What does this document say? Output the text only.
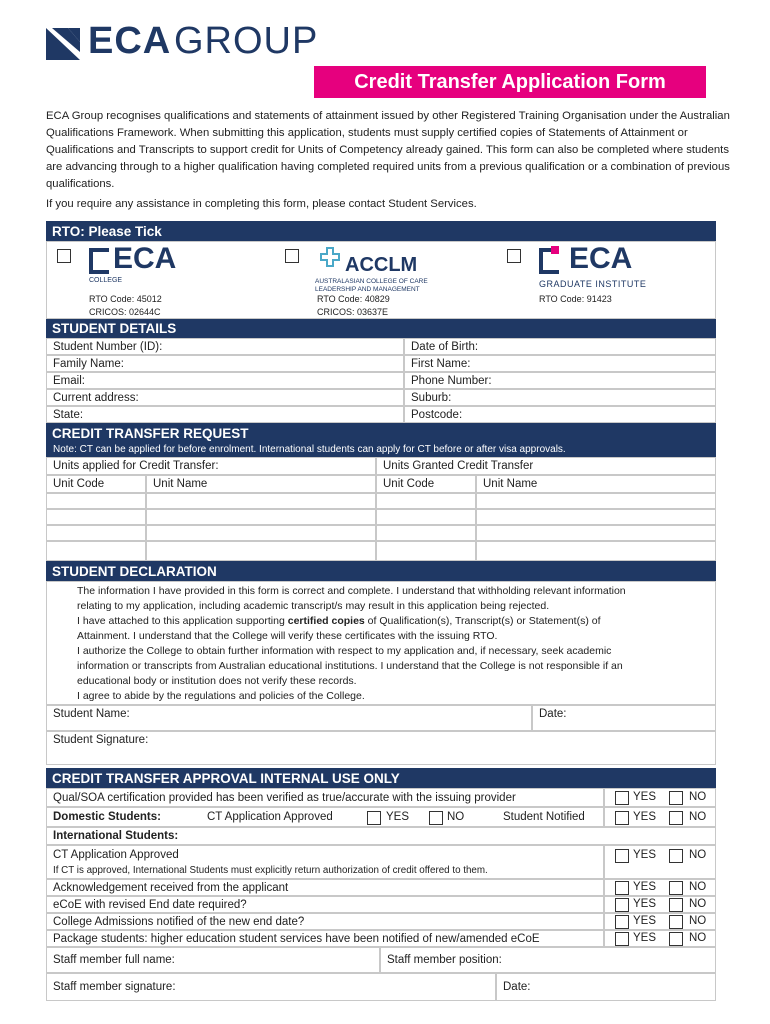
ECA GROUP
Credit Transfer Application Form
ECA Group recognises qualifications and statements of attainment issued by other Registered Training Organisation under the Australian Qualifications Framework. When submitting this application, students must supply certified copies of Statements of Attainment or Qualifications and Transcripts to support credit for Units of Competency already gained. This form can also be completed where students are advancing through to a higher qualification having completed required units from a previous qualification or a combination of previous qualifications.
If you require any assistance in completing this form, please contact Student Services.
RTO: Please Tick
ECA
COLLEGE
RTO Code: 45012
CRICOS: 02644C
ACCLM
AUSTRALASIAN COLLEGE OF CARE LEADERSHIP AND MANAGEMENT
RTO Code: 40829
CRICOS: 03637E
ECA
GRADUATE INSTITUTE
RTO Code: 91423
STUDENT DETAILS
Student Number (ID):	Date of Birth:
Family Name:	First Name:
Email:	Phone Number:
Current address:	Suburb:
State:	Postcode:
CREDIT TRANSFER REQUEST
Note: CT can be applied for before enrolment. International students can apply for CT before or after visa approvals.
Units applied for Credit Transfer:	Units Granted Credit Transfer
Unit Code	Unit Name	Unit Code	Unit Name
STUDENT DECLARATION
The information I have provided in this form is correct and complete. I understand that withholding relevant information
relating to my application, including academic transcript/s may result in this application being rejected.
I have attached to this application supporting certified copies of Qualification(s), Transcript(s) or Statement(s) of
Attainment. I understand that the College will verify these certificates with the issuing RTO.
I authorize the College to obtain further information with respect to my application and, if necessary, seek academic
information or transcripts from Australian educational institutions. I understand that the College is not responsible if an
educational body or institution does not verify these records.
I agree to abide by the regulations and policies of the College.
Student Name:	Date:
Student Signature:
CREDIT TRANSFER APPROVAL INTERNAL USE ONLY
Qual/SOA certification provided has been verified as true/accurate with the issuing provider	YES	NO
Domestic Students:	CT Application Approved	YES	NO	Student Notified	YES	NO
International Students:
CT Application Approved
If CT is approved, International Students must explicitly return authorization of credit offered to them.
YES	NO
Acknowledgement received from the applicant	YES	NO
eCoE with revised End date required?	YES	NO
College Admissions notified of the new end date?	YES	NO
Package students: higher education student services have been notified of new/amended eCoE	YES	NO
Staff member full name:	Staff member position:
Staff member signature:	Date:
